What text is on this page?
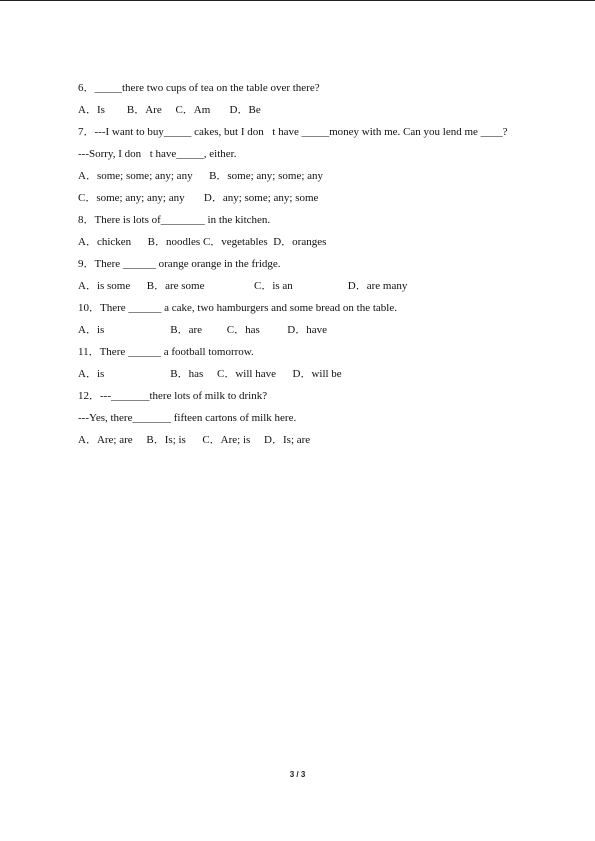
6．_____there two cups of tea on the table over there?
A．Is        B．Are     C．Am       D．Be
7．---I want to buy_____ cakes, but I don t have _____money with me. Can you lend me ____?
---Sorry, I don t have_____, either.
A．some; some; any; any      B．some; any; some; any
C．some; any; any; any       D．any; some; any; some
8．There is lots of________ in the kitchen.
A．chicken      B．noodles C．vegetables  D．oranges
9．There ______ orange orange in the fridge.
A．is some      B．are some                  C．is an                    D．are many
10．There ______ a cake, two hamburgers and some bread on the table.
A．is                        B．are         C．has          D．have
11．There ______ a football tomorrow.
A．is                        B．has     C．will have      D．will be
12．---_______there lots of milk to drink?
---Yes, there_______ fifteen cartons of milk here.
A．Are; are     B．Is; is      C．Are; is     D．Is; are
3 / 3
